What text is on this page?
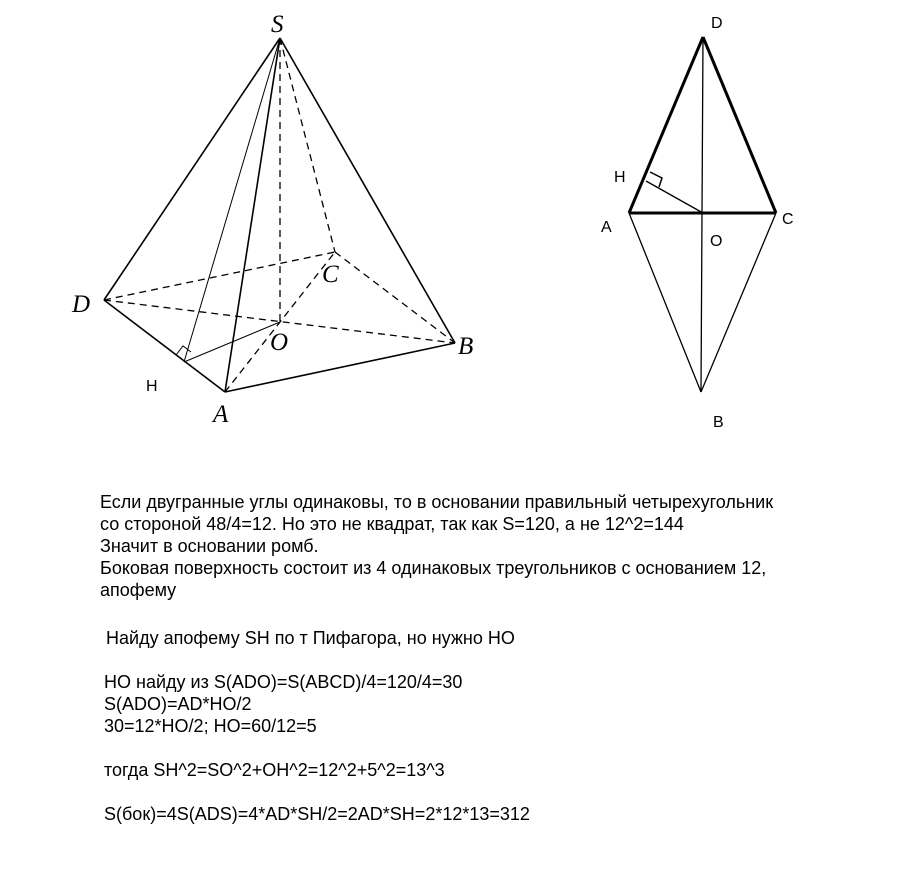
S
D
C
O	B
A
H
D
H
A	C
O
B

Если двугранные углы одинаковы, то в основании правильный четырехугольник

со стороной 48/4=12. Но это не квадрат, так как S=120, а не 12^2=144

Значит в основании ромб.

Боковая поверхность состоит из 4 одинаковых треугольников с основанием 12,

апофему

Найду апофему SH по т Пифагора, но нужно НО

НО найду из S(ADO)=S(ABCD)/4=120/4=30

S(ADO)=AD*HO/2

30=12*HO/2; HO=60/12=5

тогда SH^2=SO^2+OH^2=12^2+5^2=13^3

S(бок)=4S(ADS)=4*AD*SH/2=2AD*SH=2*12*13=312
